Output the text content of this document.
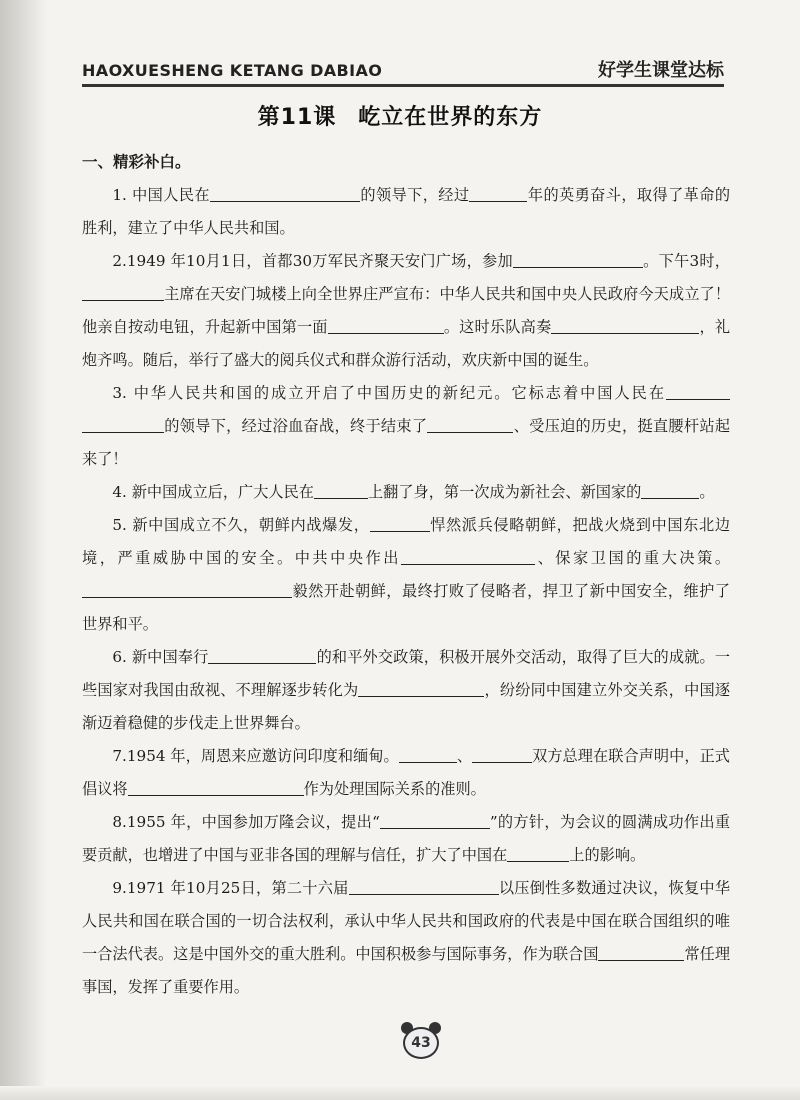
HAOXUESHENG KETANG DABIAO	好学生课堂达标
第11课 屹立在世界的东方
一、精彩补白。

1. 中国人民在	的领导下，经过	年的英勇奋斗，取得了革命的胜利，建立了中华人民共和国。

2.1949 年10月1日，首都30万军民齐聚天安门广场，参加	。下午3时，主席在天安门城楼上向全世界庄严宣布：中华人民共和国中央人民政府今天成立了！他亲自按动电钮，升起新中国第一面	。这时乐队高奏	，礼炮齐鸣。随后，举行了盛大的阅兵仪式和群众游行活动，欢庆新中国的诞生。

3. 中华人民共和国的成立开启了中国历史的新纪元。它标志着中国人民在的领导下，经过浴血奋战，终于结束了	、受压迫的历史，挺直腰杆站起来了！

4. 新中国成立后，广大人民在	上翻了身，第一次成为新社会、新国家的	。

5. 新中国成立不久，朝鲜内战爆发，	悍然派兵侵略朝鲜，把战火烧到中国东北边境，严重威胁中国的安全。中共中央作出	、保家卫国的重大决策。毅然开赴朝鲜，最终打败了侵略者，捍卫了新中国安全，维护了世界和平。

6. 新中国奉行	的和平外交政策，积极开展外交活动，取得了巨大的成就。一些国家对我国由敌视、不理解逐步转化为	，纷纷同中国建立外交关系，中国逐渐迈着稳健的步伐走上世界舞台。

7.1954 年，周恩来应邀访问印度和缅甸。	、	双方总理在联合声明中，正式倡议将	作为处理国际关系的准则。

8.1955 年，中国参加万隆会议，提出“	”的方针，为会议的圆满成功作出重要贡献，也增进了中国与亚非各国的理解与信任，扩大了中国在	上的影响。

9.1971 年10月25日，第二十六届	以压倒性多数通过决议，恢复中华人民共和国在联合国的一切合法权利，承认中华人民共和国政府的代表是中国在联合国组织的唯一合法代表。这是中国外交的重大胜利。中国积极参与国际事务，作为联合国	常任理事国，发挥了重要作用。

43
